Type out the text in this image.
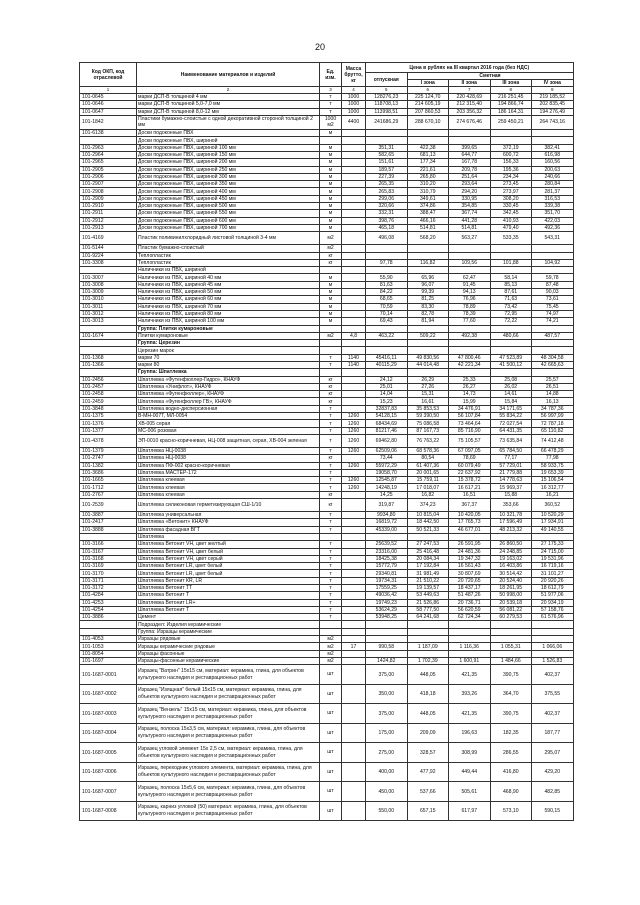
20
Код ОКП, код отраслевой	Наименование материалов и изделий	Ед. изм.	Масса брутто, кг	Цена в рублях на III квартал 2016 года (без НДС)				
				отпускная	Сметная			
					I зона	II зона	III зона	IV зона
1	2	3	4	5	6	7	8	9
101-0645	марки ДСП-В толщиной 4 мм	т	1000	128276,23	225 124,70	220 428,69	216 251,45	219 185,52
101-0646	марки ДСП-В толщиной 5,0-7,0 мм	т	1000	118708,13	214 605,19	212 315,40	194 866,74	202 835,45
101-0647	марки ДСП-В толщиной 8,0-12 мм	т	1000	113998,51	207 860,53	203 356,32	186 164,31	194 276,49
101-1842	Пластики бумажно-слоистые с одной декоративной стороной толщиной 2 мм	1000 м2	4400	241686,29	288 670,10	274 676,46	259 450,21	264 743,16
101-6138	Доски подоконные ПВХ	м						
	Доски подоконные ПВХ, шириной							
101-2963	Доски подоконные ПВХ, шириной 100 мм	м		351,31	422,38	399,65	372,19	382,41
101-2964	Доски подоконные ПВХ, шириной 150 мм	м		582,65	681,13	644,77	600,72	616,98
101-2965	Доски подоконные ПВХ, шириной 200 мм	м		151,61	177,34	167,78	156,33	160,56
101-2905	Доски подоконные ПВХ, шириной 250 мм	м		189,57	221,61	209,78	195,36	200,63
101-2906	Доски подоконные ПВХ, шириной 300 мм	м		227,39	265,80	251,64	234,34	240,66
101-2907	Доски подоконные ПВХ, шириной 350 мм	м		265,35	310,20	293,64	273,45	280,84
101-2908	Доски подоконные ПВХ, шириной 400 мм	м		265,83	310,79	294,20	273,97	281,37
101-2909	Доски подоконные ПВХ, шириной 450 мм	м		299,06	349,61	330,95	308,20	316,53
101-2910	Доски подоконные ПВХ, шириной 500 мм	м		320,66	374,86	354,85	330,45	339,38
101-2911	Доски подоконные ПВХ, шириной 550 мм	м		332,31	388,47	367,74	342,45	351,70
101-2912	Доски подоконные ПВХ, шириной 600 мм	м		398,76	466,16	441,28	410,93	422,03
101-2913	Доски подоконные ПВХ, шириной 700 мм	м		465,18	514,81	514,81	479,40	492,36
101-4169	Пластик поливинилхлоридный листовой толщиной 3-4 мм	м2		496,08	568,20	563,27	533,35	543,31
101-5144	Пластик бумажно-слоистый	м2						
101-9224	Теплопластик	кг						
101-3308	Теплопластик	кг		97,78	116,82	109,56	101,88	104,92
	Наличники из ПВХ, шириной							
101-3007	Наличники из ПВХ, шириной 40 мм	м		55,90	65,96	62,47	58,14	59,78
101-3008	Наличники из ПВХ, шириной 45 мм	м		81,63	96,07	91,45	85,13	87,48
101-3009	Наличники из ПВХ, шириной 50 мм	м		84,22	99,39	94,13	87,61	90,03
101-3010	Наличники из ПВХ, шириной 60 мм	м		68,65	81,25	76,96	71,63	73,61
101-3011	Наличники из ПВХ, шириной 70 мм	м		70,59	83,30	78,89	73,42	75,45
101-3012	Наличники из ПВХ, шириной 80 мм	м		70,14	82,78	78,39	72,95	74,97
101-3013	Наличники из ПВХ, шириной 100 мм	м		69,43	81,94	77,60	72,22	74,21
	Группа: Плитки кумароновые							
101-1674	Плитки кумароновые	м2	4,8	463,22	509,22	492,38	480,66	487,57
	Группа: Церезин							
	Церезин марок							
101-1368	марки 70	т	1140	45416,11	49 830,56	47 800,46	47 523,89	48 304,58
101-1366	марки 80	т	1140	40115,29	44 014,48	42 221,34	41 500,12	42 665,63
	Группа: Шпатлевка							
101-2456	Шпатлевка «Футенфюллер-Гидро», КНАУФ	кг		24,12	26,29	25,33	25,08	25,57
101-2457	Шпатлевка «Унифлот», КНАУФ	кг		25,01	27,26	26,27	26,02	26,51
101-2458	Шпатлевка «Фугенфюллер», КНАУФ	кг		14,04	15,31	14,73	14,61	14,88
101-2459	Шпатлевка «Фугенфюллер ГВ», КНАУФ	кг		15,23	16,61	15,99	15,84	16,13
101-3848	Шпатлевка водно-дисперсионная	т		32837,83	35 853,53	34 476,91	34 171,65	34 787,36
101-1375	В-МН-007Т, МЛ-0054	т	1260	54128,15	59 390,50	56 107,84	55 834,22	56 997,99
101-1376	ХВ-005 серая	т	1260	68434,69	75 086,58	73 464,64	72 027,54	72 787,18
101-1377	МС-006 розовая	т	1260	81217,46	87 167,73	85 716,90	64 431,35	65 110,82
101-4378	ЭП-0010 красно-коричневая, НЦ-008 защитная, серая, ХВ-004 зеленая	т	1260	69462,80	76 763,22	75 105,57	73 635,84	74 412,48
101-1379	Шпатлевка НЦ-0038	т	1260	62509,06	68 578,36	67 097,05	65 784,50	66 478,29
101-2747	Шпатлевка НЦ-0038	кг		73,44	80,54	78,69	77,17	77,98
101-1382	Шпатлевка ПФ-002 красно-коричневая	т	1260	55972,29	61 407,36	60 079,49	57 729,01	58 933,75
101-3686	Шпатлевка МАСТЕР-172	т		19058,70	20 001,65	22 637,92	21 779,88	19 653,39
101-1665	Шпатлевка клеевая	т	1260	12545,87	15 759,11	15 378,72	14 778,63	15 106,54
101-1712	Шпатлевка клеевая	т	1260	14248,19	17 018,07	16 617,21	15 969,37	16 312,77
101-2767	Шпатлевка клеевая	кг		14,25	16,82	16,51	15,88	16,21
101-2539	Шпатлевка силиконовая герметизирующая СШ-1/10	кг		319,87	374,23	367,37	353,66	360,52
101-3887	Шпатлевка универсальная	т		9934,80	10 815,04	10 420,05	10 321,78	10 520,29
101-2417	Шпатлевка «Ветонит» КНАУФ	т		16819,72	18 442,50	17 765,73	17 596,49	17 934,91
101-3888	Шпатлевка фасадная ВГТ	т		45339,00	50 521,33	46 677,01	48 213,32	49 140,55
	Шпатлевка							
101-3166	Шпатлевка Ветонит VH, цвет желтый	т		25639,52	27 247,53	26 591,95	26 860,50	27 175,33
101-3167	Шпатлевка Ветонит VH, цвет белый	т		23316,00	25 416,48	24 481,36	24 248,85	24 715,00
101-3168	Шпатлевка Ветонит VH, цвет серый	т		18425,38	20 084,34	19 347,32	19 163,02	19 531,96
101-3169	Шпатлевка Ветонит LR, цвет белый	т		15772,79	17 192,84	16 561,43	16 403,86	16 719,16
101-3170	Шпатлевка Ветонит LR, цвет белый	т		29340,81	31 981,49	30 807,69	30 514,42	31 101,27
101-3171	Шпатлевка Ветонит КR, LR	т		19734,31	21 510,22	20 720,65	20 524,40	20 920,26
101-3172	Шпатлевка Ветонит ТТ	т		17559,25	19 139,57	18 437,17	18 261,95	18 612,79
101-4284	Шпатлевка Ветонит Т	т		49036,42	53 449,63	51 487,26	50 998,00	51 977,06
101-4253	Шпатлевка Ветонит LR+	т		19749,23	21 526,86	20 736,71	20 539,18	20 934,19
101-4254	Шпатлевка Ветонит Т	т		53624,29	58 777,50	56 620,59	56 081,22	57 158,76
101-3886	Цемент	т		53948,25	64 241,68	62 724,34	60 279,53	61 576,96
	Подраздел: Изделия керамические							
	Группа: Изразцы керамические							
101-4053	Изразцы рядовые	м2						
101-1053	Изразцы керамические рядовые	м2	17	990,58	1 187,09	1 116,36	1 055,31	1 066,06
101-8054	Изразцы фасонные	м2						
101-1697	Изразцы-фасонные керамические	м2		1424,82	1 702,39	1 600,91	1 484,66	1 526,83
101-1687-0001	Изразец "Ватрин" 15х15 см, материал: керамика, глина, для объектов культурного наследия и реставрационных работ	шт		375,00	448,05	421,35	390,75	402,37
101-1687-0002	Изразец "Изящная" белый 15х15 см, материал: керамика, глина, для объектов культурного наследия и реставрационных работ	шт		350,00	418,18	393,26	364,70	375,55
101-1687-0003	Изразец "Вензель" 15х15 см, материал: керамика, глина, для объектов культурного наследия и реставрационных работ	шт		375,00	448,05	421,35	390,75	402,37
101-1687-0004	Изразец, полоска 15х3,5 см, материал: керамика, глина, для объектов культурного наследия и реставрационных работ	шт		175,00	209,09	196,63	182,35	187,77
101-1687-0005	Изразец угловой элемент 15х 2,5 см, материал: керамика, глина, для объектов культурного наследия и реставрационных работ	шт		275,00	328,57	308,99	286,55	295,07
101-1687-0006	Изразец, переходник углового элемента, материал: керамика, глина, для объектов культурного наследия и реставрационных работ	шт		400,00	477,92	449,44	416,80	429,20
101-1687-0007	Изразец, полоска 15х5,6 см, материал: керамика, глина, для объектов культурного наследия и реставрационных работ	шт		450,00	537,66	505,61	468,90	482,85
101-1687-0008	Изразец, карниз угловой (50) материал: керамика, глина, для объектов культурного наследия и реставрационных работ	шт		550,00	657,15	617,97	573,10	590,15
